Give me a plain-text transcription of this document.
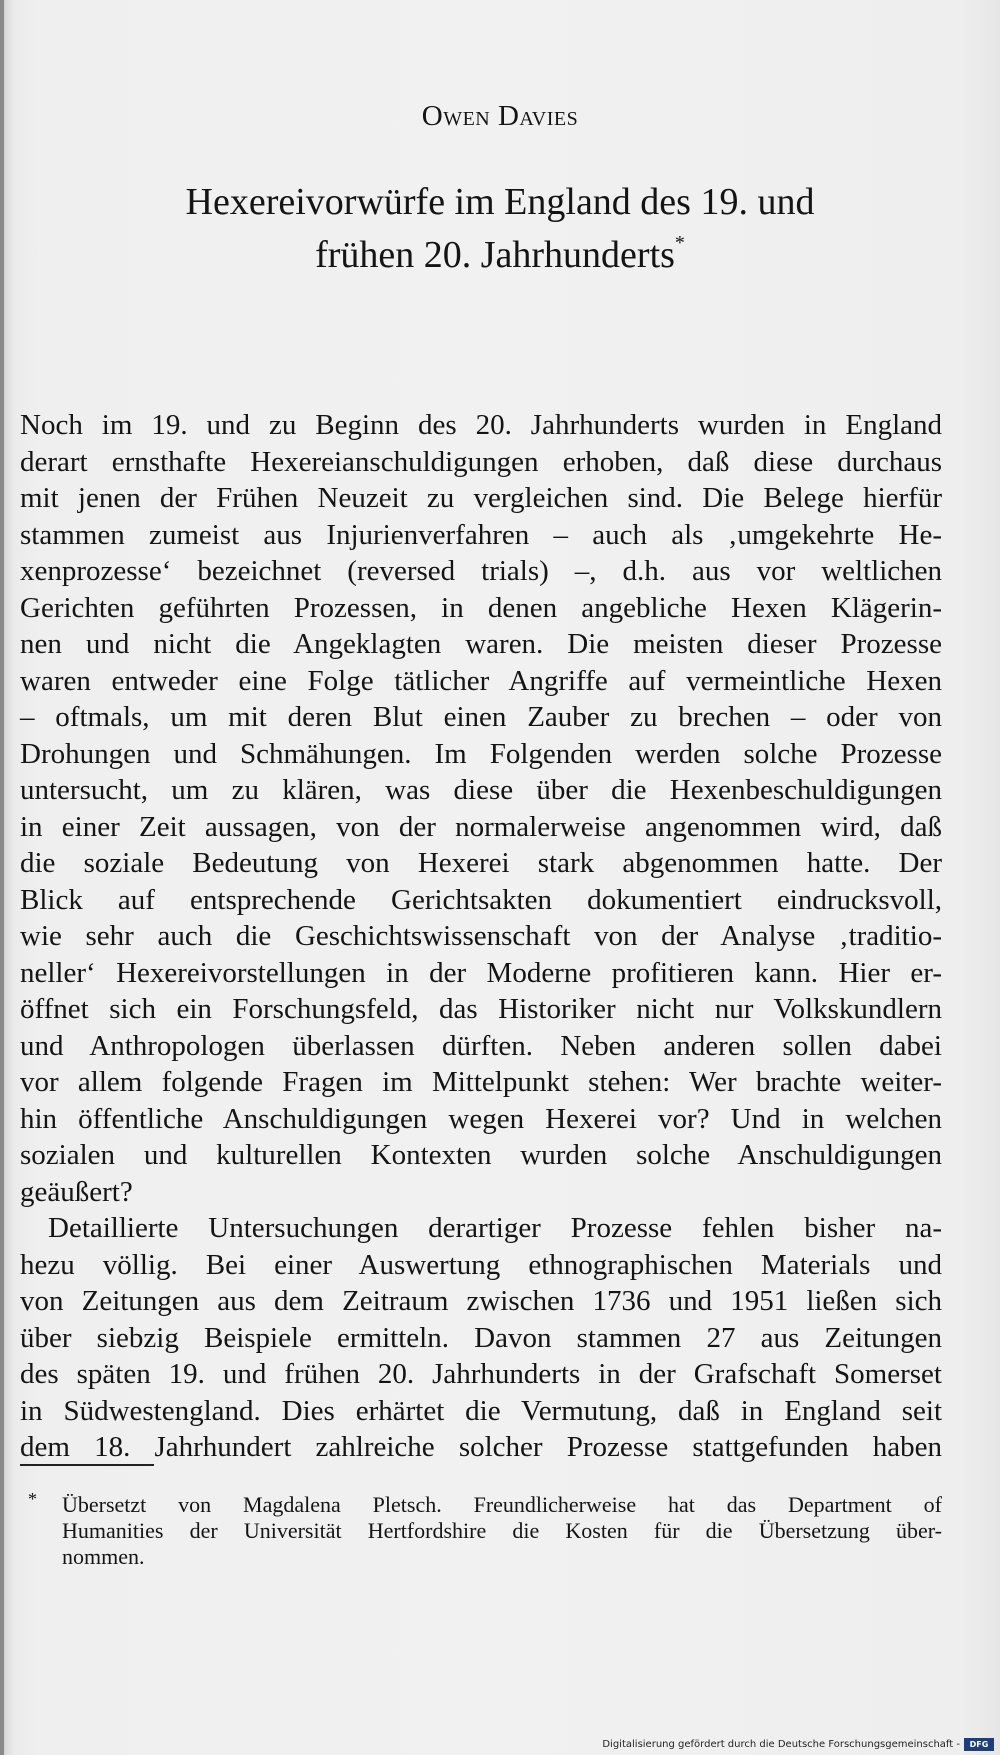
Owen Davies
Hexereivorwürfe im England des 19. und
frühen 20. Jahrhunderts*
Noch im 19. und zu Beginn des 20. Jahrhunderts wurden in England
derart ernsthafte Hexereianschuldigungen erhoben, daß diese durchaus
mit jenen der Frühen Neuzeit zu vergleichen sind. Die Belege hierfür
stammen zumeist aus Injurienverfahren – auch als ‚umgekehrte He-
xenprozesse‘ bezeichnet (reversed trials) –, d.h. aus vor weltlichen
Gerichten geführten Prozessen, in denen angebliche Hexen Klägerin-
nen und nicht die Angeklagten waren. Die meisten dieser Prozesse
waren entweder eine Folge tätlicher Angriffe auf vermeintliche Hexen
– oftmals, um mit deren Blut einen Zauber zu brechen – oder von
Drohungen und Schmähungen. Im Folgenden werden solche Prozesse
untersucht, um zu klären, was diese über die Hexenbeschuldigungen
in einer Zeit aussagen, von der normalerweise angenommen wird, daß
die soziale Bedeutung von Hexerei stark abgenommen hatte. Der
Blick auf entsprechende Gerichtsakten dokumentiert eindrucksvoll,
wie sehr auch die Geschichtswissenschaft von der Analyse ‚traditio-
neller‘ Hexereivorstellungen in der Moderne profitieren kann. Hier er-
öffnet sich ein Forschungsfeld, das Historiker nicht nur Volkskundlern
und Anthropologen überlassen dürften. Neben anderen sollen dabei
vor allem folgende Fragen im Mittelpunkt stehen: Wer brachte weiter-
hin öffentliche Anschuldigungen wegen Hexerei vor? Und in welchen
sozialen und kulturellen Kontexten wurden solche Anschuldigungen
geäußert?
Detaillierte Untersuchungen derartiger Prozesse fehlen bisher na-
hezu völlig. Bei einer Auswertung ethnographischen Materials und
von Zeitungen aus dem Zeitraum zwischen 1736 und 1951 ließen sich
über siebzig Beispiele ermitteln. Davon stammen 27 aus Zeitungen
des späten 19. und frühen 20. Jahrhunderts in der Grafschaft Somerset
in Südwestengland. Dies erhärtet die Vermutung, daß in England seit
dem 18. Jahrhundert zahlreiche solcher Prozesse stattgefunden haben
*	Übersetzt von Magdalena Pletsch. Freundlicherweise hat das Department of
Humanities der Universität Hertfordshire die Kosten für die Übersetzung über-
nommen.
Digitalisierung gefördert durch die Deutsche Forschungsgemeinschaft -	DFG
